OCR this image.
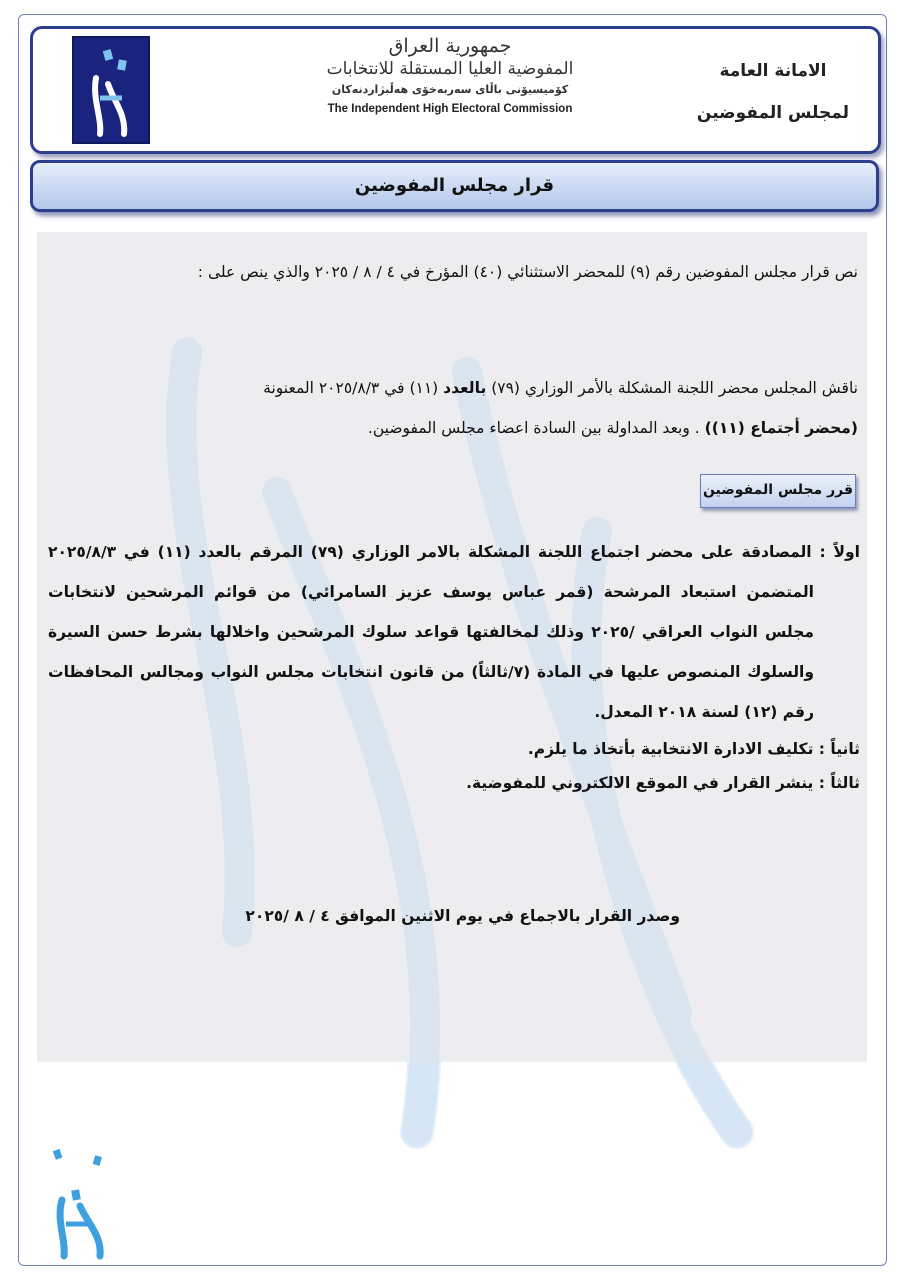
جمهورية العراق
المفوضية العليا المستقلة للانتخابات
كۆمیسیۆنی باڵای سەربەخۆی هەڵبژاردنەکان
The Independent High Electoral Commission
الامانة العامة
لمجلس المفوضين
قرار مجلس المفوضين
نص قرار مجلس المفوضين رقم (٩) للمحضر الاستثنائي (٤٠) المؤرخ في ٤ / ٨ / ٢٠٢٥ والذي ينص على :
ناقش المجلس محضر اللجنة المشكلة بالأمر الوزاري (٧٩) بالعدد (١١) في ٢٠٢٥/٨/٣ المعنونة
(محضر أجتماع (١١)) . وبعد المداولة بين السادة اعضاء مجلس المفوضين.
قرر مجلس المفوضين
اولاً : المصادقة على محضر اجتماع اللجنة المشكلة بالامر الوزاري (٧٩) المرقم بالعدد (١١) في ٢٠٢٥/٨/٣ المتضمن استبعاد المرشحة (قمر عباس يوسف عزيز السامرائي) من قوائم المرشحين لانتخابات مجلس النواب العراقي /٢٠٢٥ وذلك لمخالفتها قواعد سلوك المرشحين واخلالها بشرط حسن السيرة والسلوك المنصوص عليها في المادة (٧/ثالثاً) من قانون انتخابات مجلس النواب ومجالس المحافظات رقم (١٢) لسنة ٢٠١٨ المعدل.
ثانياً : تكليف الادارة الانتخابية بأتخاذ ما يلزم.
ثالثاً : ينشر القرار في الموقع الالكتروني للمفوضية.
وصدر القرار بالاجماع في يوم الاثنين الموافق ٤ / ٨ /٢٠٢٥
